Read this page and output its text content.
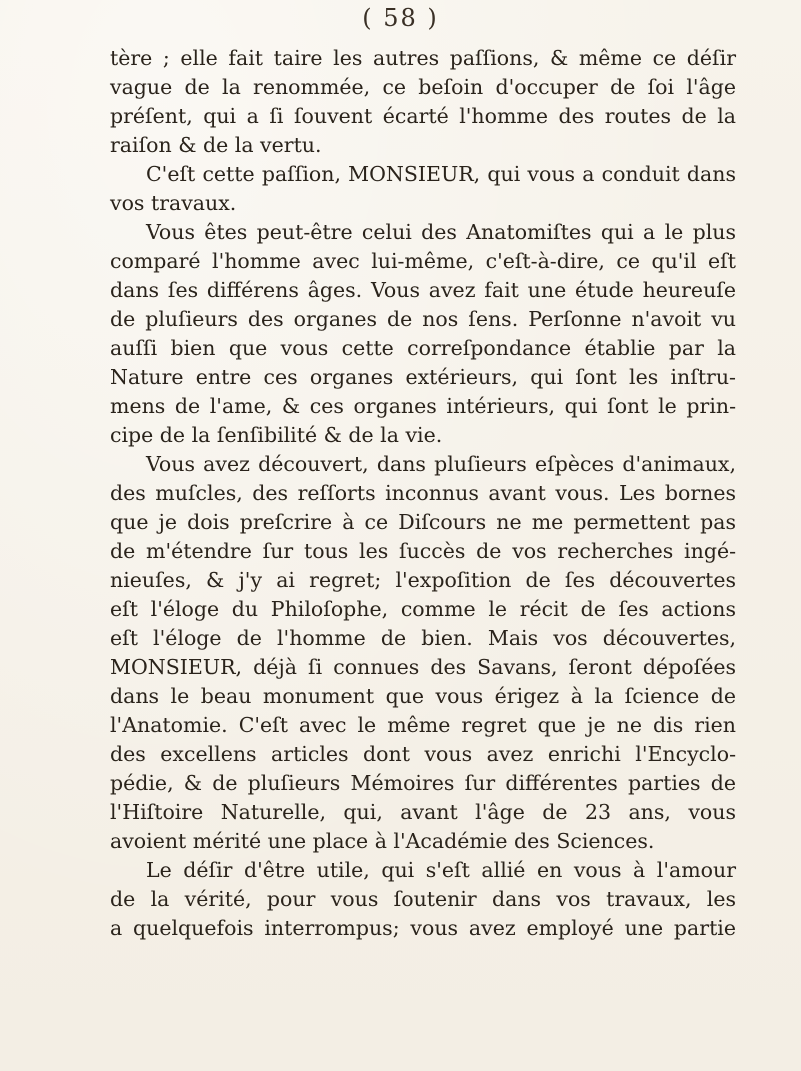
( 58 )

tère ; elle fait taire les autres paſſions, & même ce déſir
vague de la renommée, ce beſoin d'occuper de ſoi l'âge
préſent, qui a ſi ſouvent écarté l'homme des routes de la
raiſon & de la vertu.

C'eſt cette paſſion, MONSIEUR, qui vous a conduit dans
vos travaux.

Vous êtes peut-être celui des Anatomiſtes qui a le plus
comparé l'homme avec lui-même, c'eſt-à-dire, ce qu'il eſt
dans ſes différens âges. Vous avez fait une étude heureuſe
de pluſieurs des organes de nos ſens. Perſonne n'avoit vu
auſſi bien que vous cette correſpondance établie par la
Nature entre ces organes extérieurs, qui ſont les inſtru-
mens de l'ame, & ces organes intérieurs, qui ſont le prin-
cipe de la ſenſibilité & de la vie.

Vous avez découvert, dans pluſieurs eſpèces d'animaux,
des muſcles, des reſſorts inconnus avant vous. Les bornes
que je dois preſcrire à ce Diſcours ne me permettent pas
de m'étendre ſur tous les ſuccès de vos recherches ingé-
nieuſes, & j'y ai regret; l'expoſition de ſes découvertes
eſt l'éloge du Philoſophe, comme le récit de ſes actions
eſt l'éloge de l'homme de bien. Mais vos découvertes,
MONSIEUR, déjà ſi connues des Savans, ſeront dépoſées
dans le beau monument que vous érigez à la ſcience de
l'Anatomie. C'eſt avec le même regret que je ne dis rien
des excellens articles dont vous avez enrichi l'Encyclo-
pédie, & de pluſieurs Mémoires ſur différentes parties de
l'Hiſtoire Naturelle, qui, avant l'âge de 23 ans, vous
avoient mérité une place à l'Académie des Sciences.

Le déſir d'être utile, qui s'eſt allié en vous à l'amour
de la vérité, pour vous ſoutenir dans vos travaux, les
a quelquefois interrompus; vous avez employé une partie
